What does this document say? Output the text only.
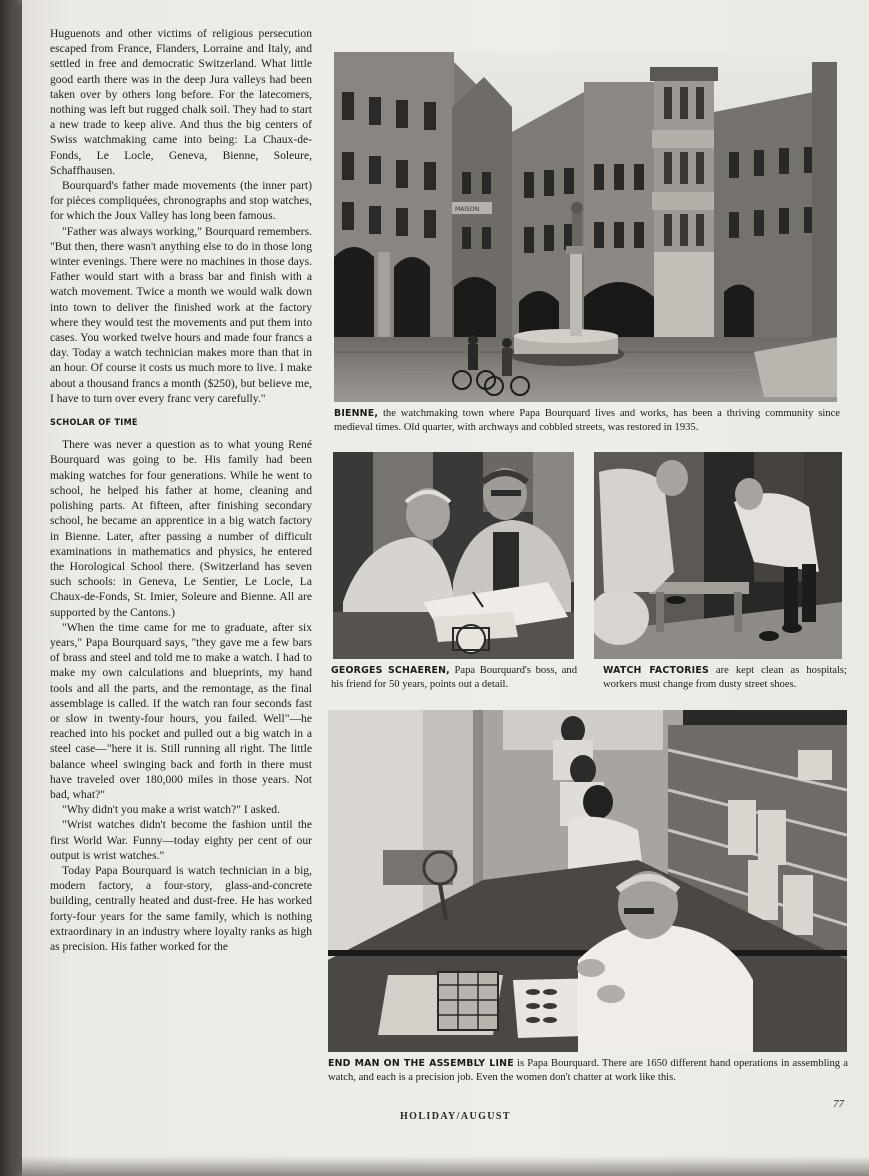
Huguenots and other victims of religious persecution escaped from France, Flanders, Lorraine and Italy, and settled in free and democratic Switzerland. What little good earth there was in the deep Jura valleys had been taken over by others long before. For the latecomers, nothing was left but rugged chalk soil. They had to start a new trade to keep alive. And thus the big centers of Swiss watchmaking came into being: La Chaux-de-Fonds, Le Locle, Geneva, Bienne, Soleure, Schaffhausen.

Bourquard's father made movements (the inner part) for pièces compliquées, chronographs and stop watches, for which the Joux Valley has long been famous.

"Father was always working," Bourquard remembers. "But then, there wasn't anything else to do in those long winter evenings. There were no machines in those days. Father would start with a brass bar and finish with a watch movement. Twice a month we would walk down into town to deliver the finished work at the factory where they would test the movements and put them into cases. You worked twelve hours and made four francs a day. Today a watch technician makes more than that in an hour. Of course it costs us much more to live. I make about a thousand francs a month ($250), but believe me, I have to turn over every franc very carefully."

SCHOLAR OF TIME

There was never a question as to what young René Bourquard was going to be. His family had been making watches for four generations. While he went to school, he helped his father at home, cleaning and polishing parts. At fifteen, after finishing secondary school, he became an apprentice in a big watch factory in Bienne. Later, after passing a number of difficult examinations in mathematics and physics, he entered the Horological School there. (Switzerland has seven such schools: in Geneva, Le Sentier, Le Locle, La Chaux-de-Fonds, St. Imier, Soleure and Bienne. All are supported by the Cantons.)

"When the time came for me to graduate, after six years," Papa Bourquard says, "they gave me a few bars of brass and steel and told me to make a watch. I had to make my own calculations and blueprints, my hand tools and all the parts, and the remontage, as the final assemblage is called. If the watch ran four seconds fast or slow in twenty-four hours, you failed. Well"—he reached into his pocket and pulled out a big watch in a steel case—"here it is. Still running all right. The little balance wheel swinging back and forth in there must have traveled over 180,000 miles in those years. Not bad, what?"

"Why didn't you make a wrist watch?" I asked.

"Wrist watches didn't become the fashion until the first World War. Funny—today eighty per cent of our output is wrist watches."

Today Papa Bourquard is watch technician in a big, modern factory, a four-story, glass-and-concrete building, centrally heated and dust-free. He has worked forty-four years for the same family, which is nothing extraordinary in an industry where loyalty ranks as high as precision. His father worked for the

MAISON
BIENNE, the watchmaking town where Papa Bourquard lives and works, has been a thriving community since medieval times. Old quarter, with archways and cobbled streets, was restored in 1935.
GEORGES SCHAEREN, Papa Bourquard's boss, and his friend for 50 years, points out a detail.
WATCH FACTORIES are kept clean as hospitals; workers must change from dusty street shoes.
END MAN ON THE ASSEMBLY LINE is Papa Bourquard. There are 1650 different hand operations in assembling a watch, and each is a precision job. Even the women don't chatter at work like this.
HOLIDAY/AUGUST
77
